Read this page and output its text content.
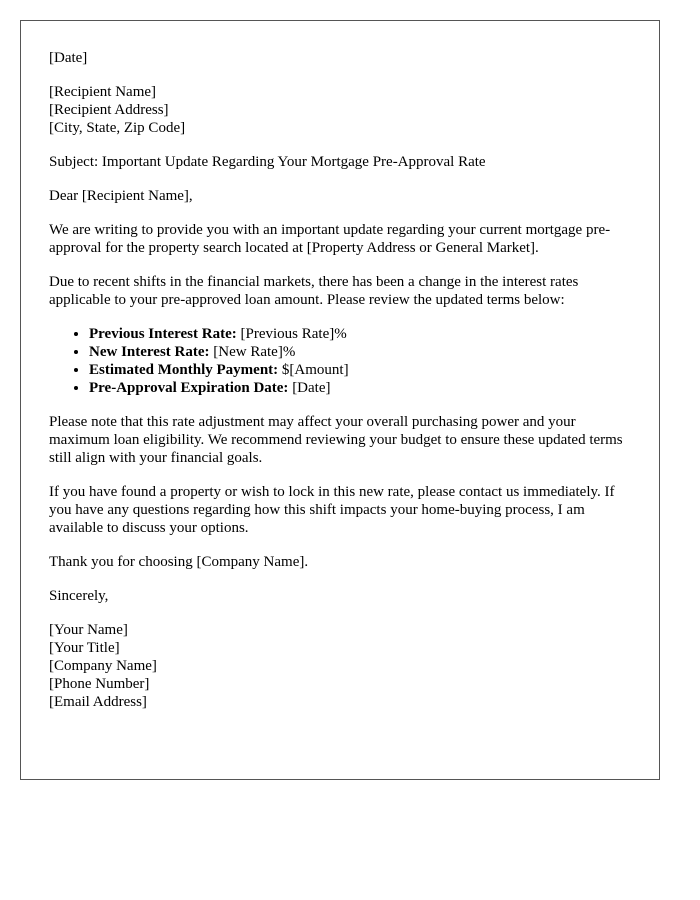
[Date]

[Recipient Name]
[Recipient Address]
[City, State, Zip Code]

Subject: Important Update Regarding Your Mortgage Pre-Approval Rate

Dear [Recipient Name],

We are writing to provide you with an important update regarding your current mortgage pre-approval for the property search located at [Property Address or General Market].

Due to recent shifts in the financial markets, there has been a change in the interest rates applicable to your pre-approved loan amount. Please review the updated terms below:

• Previous Interest Rate: [Previous Rate]%
• New Interest Rate: [New Rate]%
• Estimated Monthly Payment: $[Amount]
• Pre-Approval Expiration Date: [Date]

Please note that this rate adjustment may affect your overall purchasing power and your maximum loan eligibility. We recommend reviewing your budget to ensure these updated terms still align with your financial goals.

If you have found a property or wish to lock in this new rate, please contact us immediately. If you have any questions regarding how this shift impacts your home-buying process, I am available to discuss your options.

Thank you for choosing [Company Name].

Sincerely,

[Your Name]
[Your Title]
[Company Name]
[Phone Number]
[Email Address]
